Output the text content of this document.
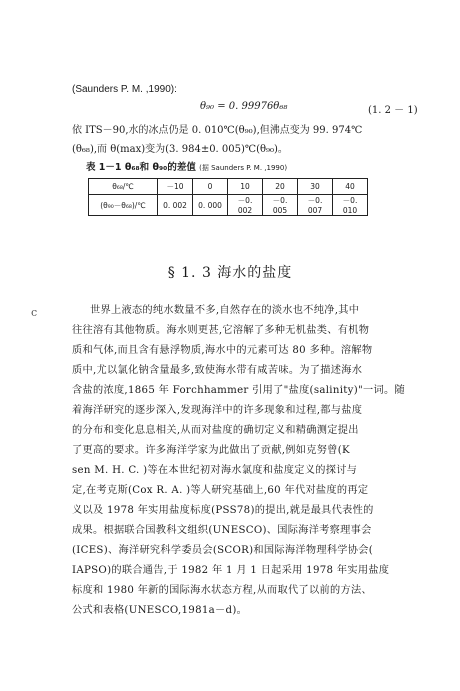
(Saunders P. M. ,1990):
θ₉₀ = 0. 99976θ₆₈	(1. 2 － 1)
依 ITS－90,水的冰点仍是 0. 010℃(θ₉₀),但沸点变为 99. 974℃
(θ₆₈),而 θ(max)变为(3. 984±0. 005)℃(θ₉₀)。
表 1－1 θ₆₈和 θ₉₀的差值 (据 Saunders P. M. ,1990)
θ₆₈/℃	－10	0	10	20	30	40
(θ₉₀－θ₆₈)/℃	0. 002	0. 000	－0. 002	－0. 005	－0. 007	－0. 010
§ 1. 3 海水的盐度
ⅽ	世界上液态的纯水数量不多,自然存在的淡水也不纯净,其中
往往溶有其他物质。海水则更甚,它溶解了多种无机盐类、有机物
质和气体,而且含有悬浮物质,海水中的元素可达 80 多种。溶解物
质中,尤以氯化钠含量最多,致使海水带有咸苦味。为了描述海水
含盐的浓度,1865 年 Forchhammer 引用了"盐度(salinity)"一词。随
着海洋研究的逐步深入,发现海洋中的许多现象和过程,都与盐度
的分布和变化息息相关,从而对盐度的确切定义和精确测定提出
了更高的要求。许多海洋学家为此做出了贡献,例如克努曾(K
sen M. H. C. )等在本世纪初对海水氯度和盐度定义的探讨与
定,在考克斯(Cox R. A. )等人研究基础上,60 年代对盐度的再定
义以及 1978 年实用盐度标度(PSS78)的提出,就是最具代表性的
成果。根据联合国教科文组织(UNESCO)、国际海洋考察理事会
(ICES)、海洋研究科学委员会(SCOR)和国际海洋物理科学协会(
IAPSO)的联合通告,于 1982 年 1 月 1 日起采用 1978 年实用盐度
标度和 1980 年新的国际海水状态方程,从而取代了以前的方法、
公式和表格(UNESCO,1981a－d)。
